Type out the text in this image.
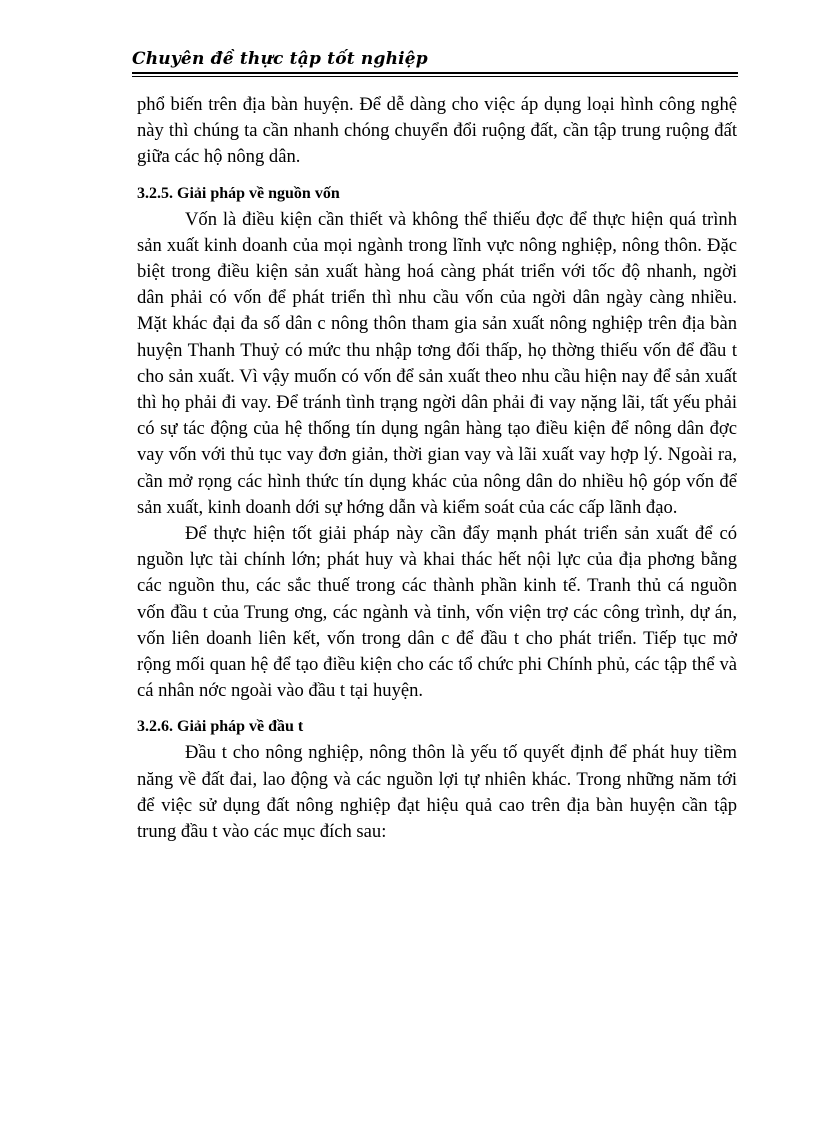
Chuyên đề thực tập tốt nghiệp

phổ biến trên địa bàn huyện. Để dễ dàng cho việc áp dụng loại hình công nghệ này thì chúng ta cần nhanh chóng chuyển đổi ruộng đất, cần tập trung ruộng đất giữa các hộ nông dân.

3.2.5. Giải pháp về nguồn vốn

Vốn là điều kiện cần thiết và không thể thiếu đợc để thực hiện quá trình sản xuất kinh doanh của mọi ngành trong lĩnh vực nông nghiệp, nông thôn. Đặc biệt trong điều kiện sản xuất hàng hoá càng phát triển với tốc độ nhanh, ngời dân phải có vốn để phát triển thì nhu cầu vốn của ngời dân ngày càng nhiều. Mặt khác đại đa số dân c nông thôn tham gia sản xuất nông nghiệp trên địa bàn huyện Thanh Thuỷ có mức thu nhập tơng đối thấp, họ thờng thiếu vốn để đầu t cho sản xuất. Vì vậy muốn có vốn để sản xuất theo nhu cầu hiện nay để sản xuất thì họ phải đi vay. Để tránh tình trạng ngời dân phải đi vay nặng lãi, tất yếu phải có sự tác động của hệ thống tín dụng ngân hàng tạo điều kiện để nông dân đợc vay vốn với thủ tục vay đơn giản, thời gian vay và lãi xuất vay hợp lý. Ngoài ra, cần mở rọng các hình thức tín dụng khác của nông dân do nhiều hộ góp vốn để sản xuất, kinh doanh dới sự hớng dẫn và kiểm soát của các cấp lãnh đạo.

Để thực hiện tốt giải pháp này cần đẩy mạnh phát triển sản xuất để có nguồn lực tài chính lớn; phát huy và khai thác hết nội lực của địa phơng bằng các nguồn thu, các sắc thuế trong các thành phần kinh tế. Tranh thủ cá nguồn vốn đầu t của Trung ơng, các ngành và tỉnh, vốn viện trợ các công trình, dự án, vốn liên doanh liên kết, vốn trong dân c để đầu t cho phát triển. Tiếp tục mở rộng mối quan hệ để tạo điều kiện cho các tổ chức phi Chính phủ, các tập thể và cá nhân nớc ngoài vào đầu t tại huyện.

3.2.6. Giải pháp về đầu t

Đầu t cho nông nghiệp, nông thôn là yếu tố quyết định để phát huy tiềm năng về đất đai, lao động và các nguồn lợi tự nhiên khác. Trong những năm tới để việc sử dụng đất nông nghiệp đạt hiệu quả cao trên địa bàn huyện cần tập trung đầu t vào các mục đích sau:
